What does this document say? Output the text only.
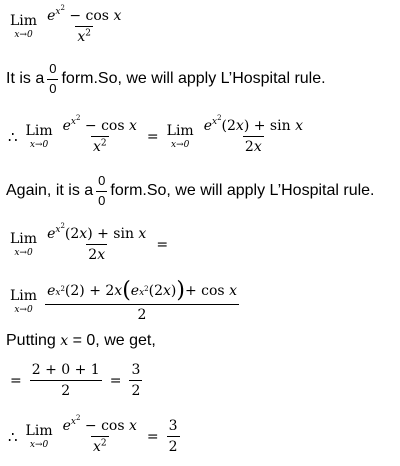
Lim
$x\to 0 \frac{e^{x^2} - \cos x}{x^2}$
It is a $\frac{0}{0}$ form.So, we will apply L’Hospital rule.
∴ Lim
$x\to 0 \frac{e^{x^2} - \cos x}{x^2}$ = Lim
$x\to 0 \frac{e^{x^2}(2x) + \sin x}{2x}$
Again, it is a $\frac{0}{0}$ form.So, we will apply L’Hospital rule.
Lim
$x\to 0 \frac{e^{x^2}(2x) + \sin x}{2x}$ =
Lim
x→0 e $x^2$ (2) + 2 x ( e $x^2$ (2 x ) ) + cos
x
2
Putting x = 0, we get,
= $\frac{2 + 0 + 1}{2} = \frac{3}{2}$
∴ Lim
$x\to 0 \frac{e^{x^2} - \cos x}{x^2} = \frac{3}{2}$
